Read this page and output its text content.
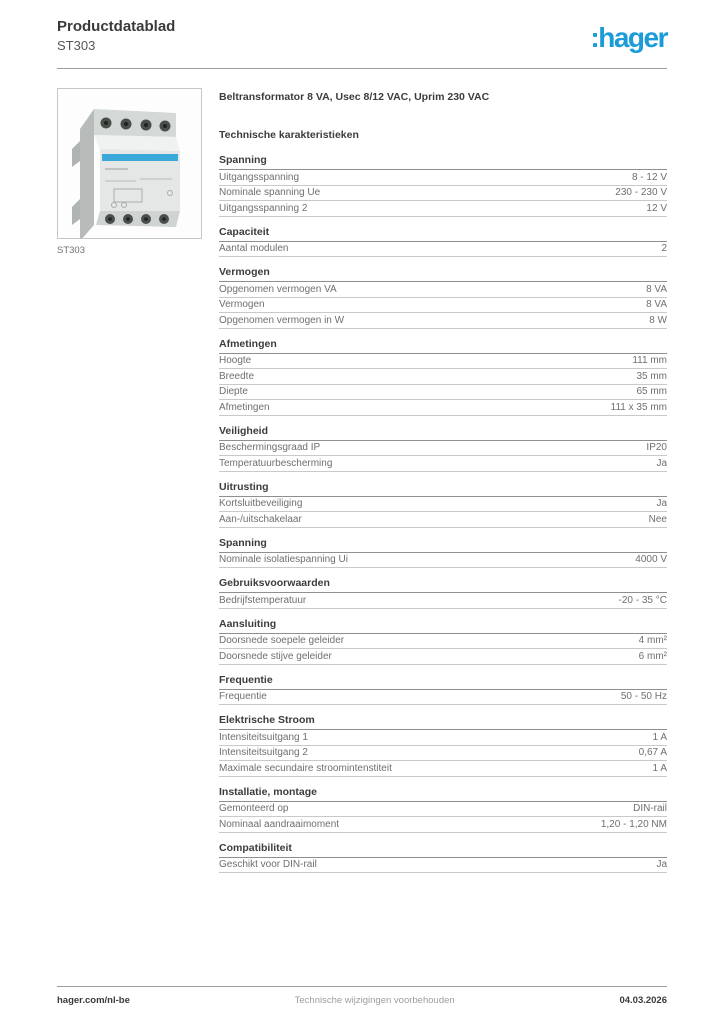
Productdatablad
ST303	:hager
ST303
Beltransformator 8 VA, Usec 8/12 VAC, Uprim 230 VAC
Technische karakteristieken
Spanning
Uitgangsspanning	8 - 12 V
Nominale spanning Ue	230 - 230 V
Uitgangsspanning 2	12 V
Capaciteit
Aantal modulen	2
Vermogen
Opgenomen vermogen VA	8 VA
Vermogen	8 VA
Opgenomen vermogen in W	8 W
Afmetingen
Hoogte	111 mm
Breedte	35 mm
Diepte	65 mm
Afmetingen	111 x 35 mm
Veiligheid
Beschermingsgraad IP	IP20
Temperatuurbescherming	Ja
Uitrusting
Kortsluitbeveiliging	Ja
Aan-/uitschakelaar	Nee
Spanning
Nominale isolatiespanning Ui	4000 V
Gebruiksvoorwaarden
Bedrijfstemperatuur	-20 - 35 °C
Aansluiting
Doorsnede soepele geleider	4 mm²
Doorsnede stijve geleider	6 mm²
Frequentie
Frequentie	50 - 50 Hz
Elektrische Stroom
Intensiteitsuitgang 1	1 A
Intensiteitsuitgang 2	0,67 A
Maximale secundaire stroomintenstiteit	1 A
Installatie, montage
Gemonteerd op	DIN-rail
Nominaal aandraaimoment	1,20 - 1,20 NM
Compatibiliteit
Geschikt voor DIN-rail	Ja
hager.com/nl-be	Technische wijzigingen voorbehouden	04.03.2026
